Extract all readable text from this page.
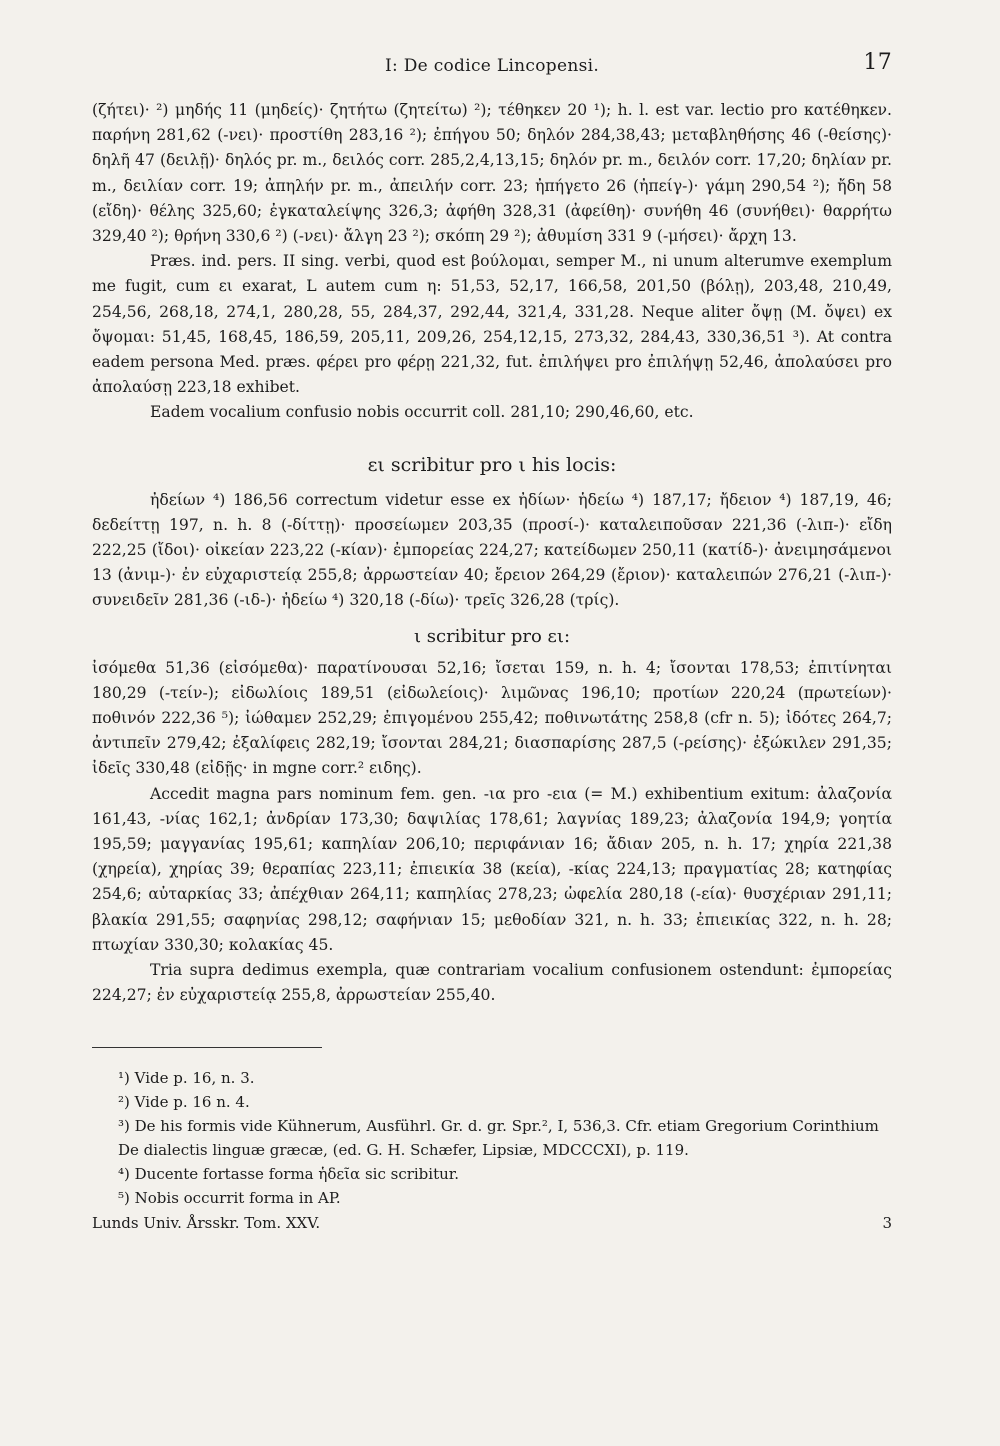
I: De codice Lincopensi.	17

(ζήτει)· ²) μηδής 11 (μηδείς)· ζητήτω (ζητείτω) ²); τέθηκεν 20 ¹); h. l. est var. lectio pro κατέθηκεν. παρήνη 281,62 (-νει)· προστίθη 283,16 ²); ἐπήγου 50; δηλόν 284,38,43; μεταβληθήσης 46 (-θείσης)· δηλῆ 47 (δειλῇ)· δηλός pr. m., δειλός corr. 285,2,4,13,15; δηλόν pr. m., δειλόν corr. 17,20; δηλίαν pr. m., δειλίαν corr. 19; ἀπηλήν pr. m., ἀπειλήν corr. 23; ἠπήγετο 26 (ἠπείγ-)· γάμη 290,54 ²); ἤδη 58 (εἴδη)· θέλης 325,60; ἐγκαταλείψης 326,3; ἀφήθη 328,31 (ἀφείθη)· συνήθη 46 (συνήθει)· θαρρήτω 329,40 ²); θρήνη 330,6 ²) (-νει)· ἄλγη 23 ²); σκόπη 29 ²); ἀθυμίση 331 9 (-μήσει)· ἄρχη 13.

Præs. ind. pers. II sing. verbi, quod est βούλομαι, semper M., ni unum alterumve exemplum me fugit, cum ει exarat, L autem cum η: 51,53, 52,17, 166,58, 201,50 (βόλῃ), 203,48, 210,49, 254,56, 268,18, 274,1, 280,28, 55, 284,37, 292,44, 321,4, 331,28. Neque aliter ὄψῃ (M. ὄψει) ex ὄψομαι: 51,45, 168,45, 186,59, 205,11, 209,26, 254,12,15, 273,32, 284,43, 330,36,51 ³). At contra eadem persona Med. præs. φέρει pro φέρῃ 221,32, fut. ἐπιλήψει pro ἐπιλήψῃ 52,46, ἀπολαύσει pro ἀπολαύσῃ 223,18 exhibet.

Eadem vocalium confusio nobis occurrit coll. 281,10; 290,46,60, etc.

ει scribitur pro ι his locis:

ἠδείων ⁴) 186,56 correctum videtur esse ex ἠδίων· ἡδείω ⁴) 187,17; ἤδειον ⁴) 187,19, 46; δεδείττῃ 197, n. h. 8 (-δίττῃ)· προσείωμεν 203,35 (προσί-)· καταλειποῦσαν 221,36 (-λιπ-)· εἴδη 222,25 (ἴδοι)· οἰκείαν 223,22 (-κίαν)· ἐμπορείας 224,27; κατείδωμεν 250,11 (κατίδ-)· ἀνειμησάμενοι 13 (ἀνιμ-)· ἐν εὐχαριστείᾳ 255,8; ἀρρωστείαν 40; ἔρειον 264,29 (ἔριον)· καταλειπών 276,21 (-λιπ-)· συνειδεῖν 281,36 (-ιδ-)· ἠδείω ⁴) 320,18 (-δίω)· τρεῖς 326,28 (τρίς).

ι scribitur pro ει:

ἰσόμεθα 51,36 (εἰσόμεθα)· παρατίνουσαι 52,16; ἴσεται 159, n. h. 4; ἴσονται 178,53; ἐπιτίνηται 180,29 (-τείν-); εἰδωλίοις 189,51 (εἰδωλείοις)· λιμῶνας 196,10; προτίων 220,24 (πρωτείων)· ποθινόν 222,36 ⁵); ἰώθαμεν 252,29; ἐπιγομένου 255,42; ποθινωτάτης 258,8 (cfr n. 5); ἰδότες 264,7; ἀντιπεῖν 279,42; ἐξαλίφεις 282,19; ἴσονται 284,21; διασπαρίσης 287,5 (-ρείσης)· ἐξώκιλεν 291,35; ἰδεῖς 330,48 (εἰδῇς· in mgne corr.² ειδης).

Accedit magna pars nominum fem. gen. -ια pro -εια (= M.) exhibentium exitum: ἀλαζονία 161,43, -νίας 162,1; ἀνδρίαν 173,30; δαψιλίας 178,61; λαγνίας 189,23; ἀλαζονία 194,9; γοητία 195,59; μαγγανίας 195,61; καπηλίαν 206,10; περιφάνιαν 16; ἄδιαν 205, n. h. 17; χηρία 221,38 (χηρεία), χηρίας 39; θεραπίας 223,11; ἐπιεικία 38 (κεία), -κίας 224,13; πραγματίας 28; κατηφίας 254,6; αὐταρκίας 33; ἀπέχθιαν 264,11; καπηλίας 278,23; ὠφελία 280,18 (-εία)· θυσχέριαν 291,11; βλακία 291,55; σαφηνίας 298,12; σαφήνιαν 15; μεθοδίαν 321, n. h. 33; ἐπιεικίας 322, n. h. 28; πτωχίαν 330,30; κολακίας 45.

Tria supra dedimus exempla, quæ contrariam vocalium confusionem ostendunt: ἐμπορείας 224,27; ἐν εὐχαριστείᾳ 255,8, ἀρρωστείαν 255,40.

¹) Vide p. 16, n. 3.

²) Vide p. 16 n. 4.

³) De his formis vide Kühnerum, Ausführl. Gr. d. gr. Spr.², I, 536,3. Cfr. etiam Gregorium Corinthium De dialectis linguæ græcæ, (ed. G. H. Schæfer, Lipsiæ, MDCCCXI), p. 119.

⁴) Ducente fortasse forma ἡδεῖα sic scribitur.

⁵) Nobis occurrit forma in AP.

Lunds Univ. Årsskr. Tom. XXV.	3
